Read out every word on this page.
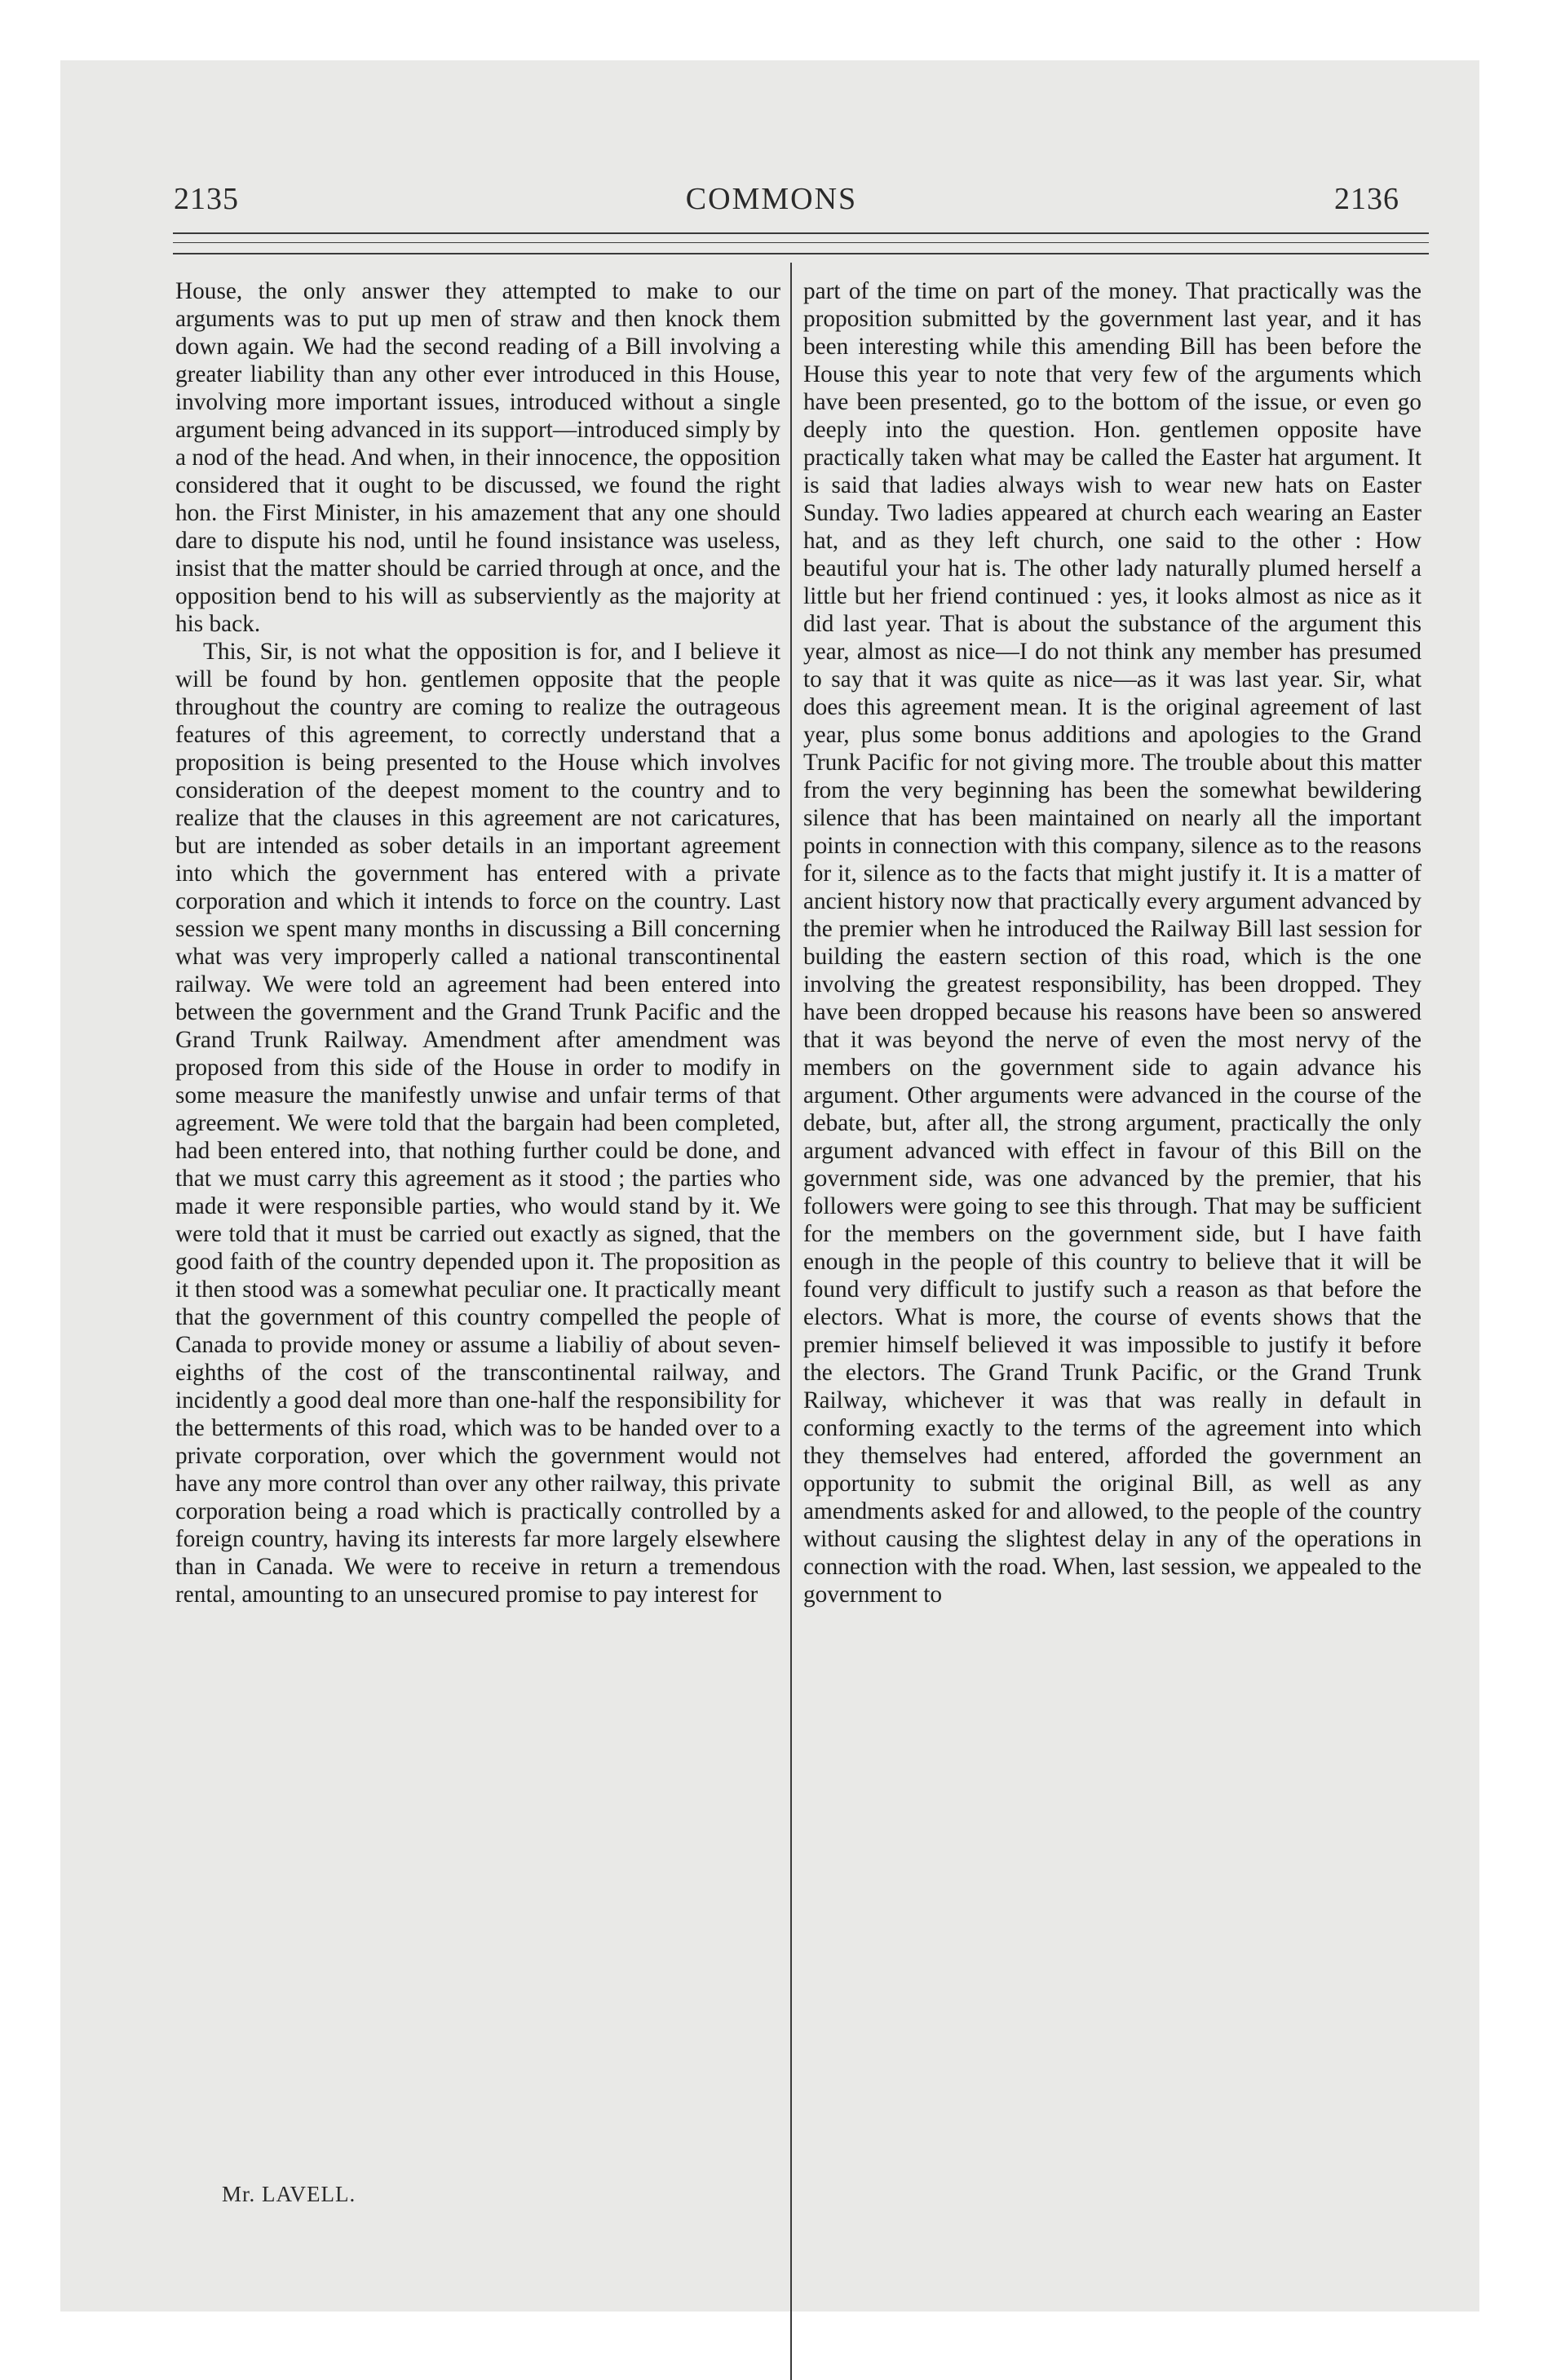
COMMONS
2135	2136

House, the only answer they attempted to make to our arguments was to put up men of straw and then knock them down again. We had the second reading of a Bill involving a greater liability than any other ever introduced in this House, involving more important issues, introduced without a single argument being advanced in its support—introduced simply by a nod of the head. And when, in their innocence, the opposition considered that it ought to be discussed, we found the right hon. the First Minister, in his amazement that any one should dare to dispute his nod, until he found insistance was useless, insist that the matter should be carried through at once, and the opposition bend to his will as subserviently as the majority at his back.

This, Sir, is not what the opposition is for, and I believe it will be found by hon. gentlemen opposite that the people throughout the country are coming to realize the outrageous features of this agreement, to correctly understand that a proposition is being presented to the House which involves consideration of the deepest moment to the country and to realize that the clauses in this agreement are not caricatures, but are intended as sober details in an important agreement into which the government has entered with a private corporation and which it intends to force on the country. Last session we spent many months in discussing a Bill concerning what was very improperly called a national transcontinental railway. We were told an agreement had been entered into between the government and the Grand Trunk Pacific and the Grand Trunk Railway. Amendment after amendment was proposed from this side of the House in order to modify in some measure the manifestly unwise and unfair terms of that agreement. We were told that the bargain had been completed, had been entered into, that nothing further could be done, and that we must carry this agreement as it stood ; the parties who made it were responsible parties, who would stand by it. We were told that it must be carried out exactly as signed, that the good faith of the country depended upon it. The proposition as it then stood was a somewhat peculiar one. It practically meant that the government of this country compelled the people of Canada to provide money or assume a liabiliy of about seven-eighths of the cost of the transcontinental railway, and incidently a good deal more than one-half the responsibility for the betterments of this road, which was to be handed over to a private corporation, over which the government would not have any more control than over any other railway, this private corporation being a road which is practically controlled by a foreign country, having its interests far more largely elsewhere than in Canada. We were to receive in return a tremendous rental, amounting to an unsecured promise to pay interest for

part of the time on part of the money. That practically was the proposition submitted by the government last year, and it has been interesting while this amending Bill has been before the House this year to note that very few of the arguments which have been presented, go to the bottom of the issue, or even go deeply into the question. Hon. gentlemen opposite have practically taken what may be called the Easter hat argument. It is said that ladies always wish to wear new hats on Easter Sunday. Two ladies appeared at church each wearing an Easter hat, and as they left church, one said to the other : How beautiful your hat is. The other lady naturally plumed herself a little but her friend continued : yes, it looks almost as nice as it did last year. That is about the substance of the argument this year, almost as nice—I do not think any member has presumed to say that it was quite as nice—as it was last year. Sir, what does this agreement mean. It is the original agreement of last year, plus some bonus additions and apologies to the Grand Trunk Pacific for not giving more. The trouble about this matter from the very beginning has been the somewhat bewildering silence that has been maintained on nearly all the important points in connection with this company, silence as to the reasons for it, silence as to the facts that might justify it. It is a matter of ancient history now that practically every argument advanced by the premier when he introduced the Railway Bill last session for building the eastern section of this road, which is the one involving the greatest responsibility, has been dropped. They have been dropped because his reasons have been so answered that it was beyond the nerve of even the most nervy of the members on the government side to again advance his argument. Other arguments were advanced in the course of the debate, but, after all, the strong argument, practically the only argument advanced with effect in favour of this Bill on the government side, was one advanced by the premier, that his followers were going to see this through. That may be sufficient for the members on the government side, but I have faith enough in the people of this country to believe that it will be found very difficult to justify such a reason as that before the electors. What is more, the course of events shows that the premier himself believed it was impossible to justify it before the electors. The Grand Trunk Pacific, or the Grand Trunk Railway, whichever it was that was really in default in conforming exactly to the terms of the agreement into which they themselves had entered, afforded the government an opportunity to submit the original Bill, as well as any amendments asked for and allowed, to the people of the country without causing the slightest delay in any of the operations in connection with the road. When, last session, we appealed to the government to

Mr. LAVELL.
